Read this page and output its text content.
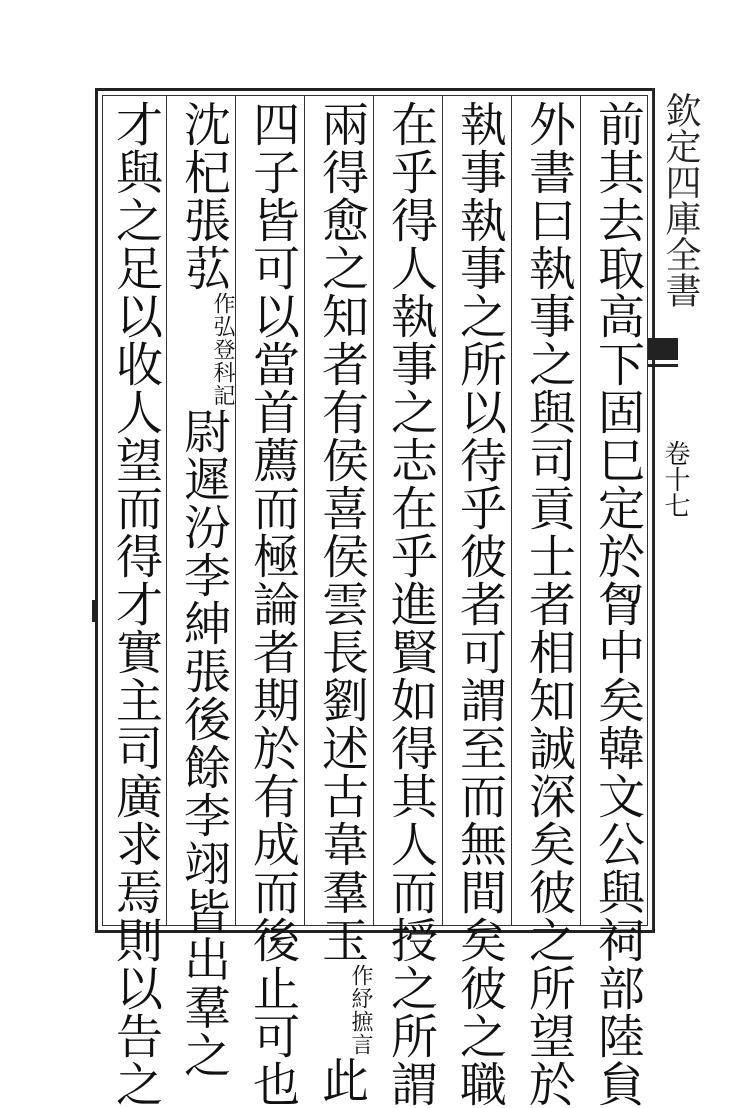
欽定四庫全書
卷十七
前其去取高下固巳定於胷中矣韓文公與祠部陸貟
外書曰執事之與司貢士者相知誠深矣彼之所望於
執事執事之所以待乎彼者可謂至而無間矣彼之職
在乎得人執事之志在乎進賢如得其人而授之所謂
兩得愈之知者有侯喜侯雲長劉述古韋羣玉
摭言
作紓
此
四子皆可以當首薦而極論者期於有成而後止可也
沈杞張苰
登科記
作弘
尉遲汾李紳張後餘李翊皆出羣之
才與之足以收人望而得才實主司廣求焉則以告之
